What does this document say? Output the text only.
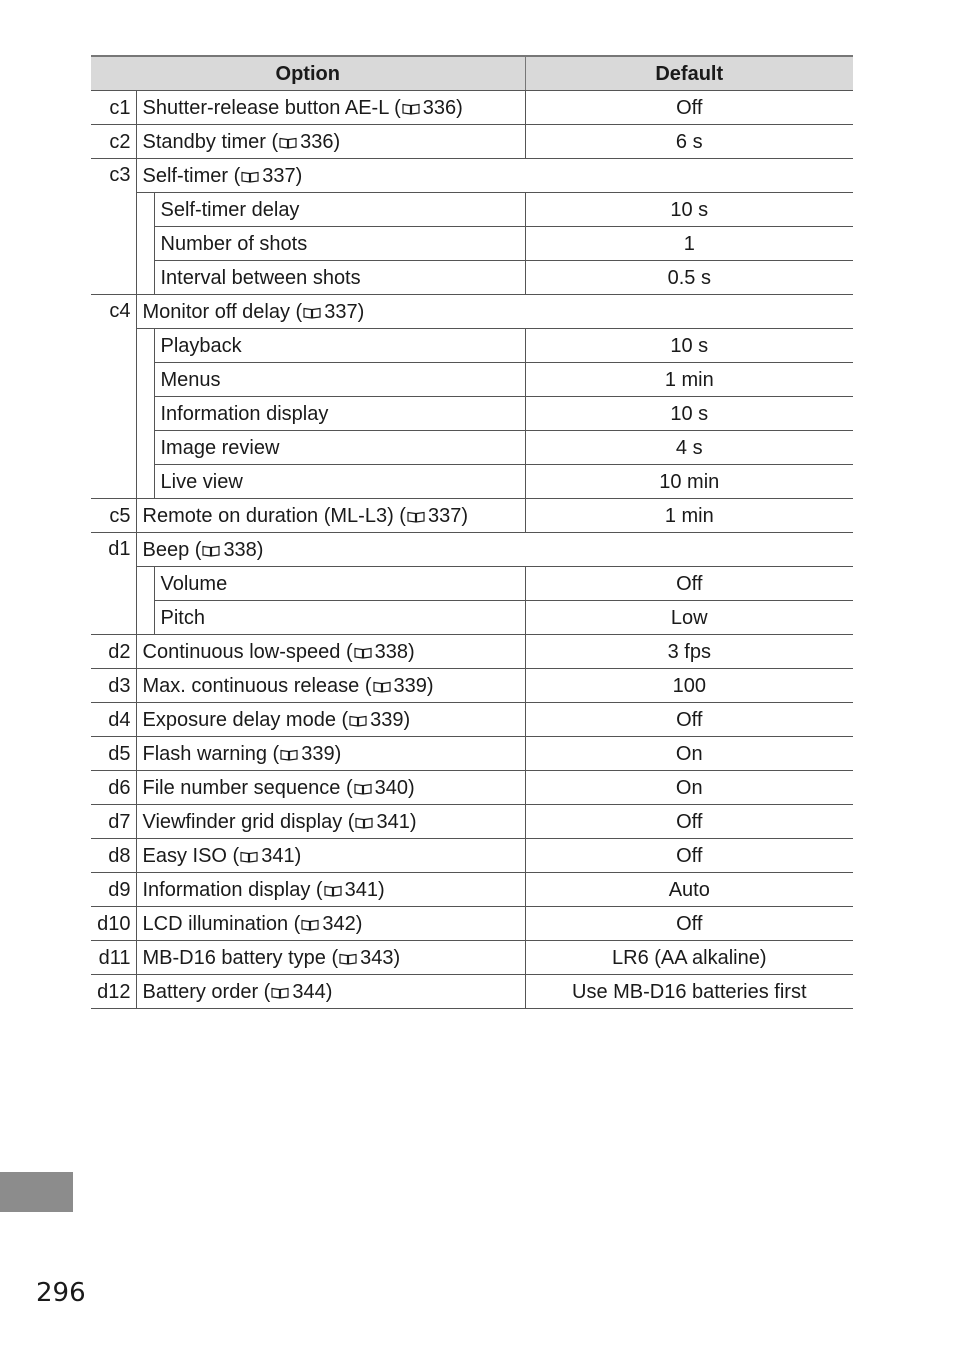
Option			Default
c1	Shutter-release button AE-L ( 336)		Off
c2	Standby timer ( 336)		6 s
c3	Self-timer ( 337)		
		Self-timer delay	10 s
		Number of shots	1
		Interval between shots	0.5 s
c4	Monitor off delay ( 337)		
		Playback	10 s
		Menus	1 min
		Information display	10 s
		Image review	4 s
		Live view	10 min
c5	Remote on duration (ML-L3) ( 337)		1 min
d1	Beep ( 338)		
		Volume	Off
		Pitch	Low
d2	Continuous low-speed ( 338)		3 fps
d3	Max. continuous release ( 339)		100
d4	Exposure delay mode ( 339)		Off
d5	Flash warning ( 339)		On
d6	File number sequence ( 340)		On
d7	Viewfinder grid display ( 341)		Off
d8	Easy ISO ( 341)		Off
d9	Information display ( 341)		Auto
d10	LCD illumination ( 342)		Off
d11	MB-D16 battery type ( 343)		LR6 (AA alkaline)
d12	Battery order ( 344)		Use MB-D16 batteries first
296
